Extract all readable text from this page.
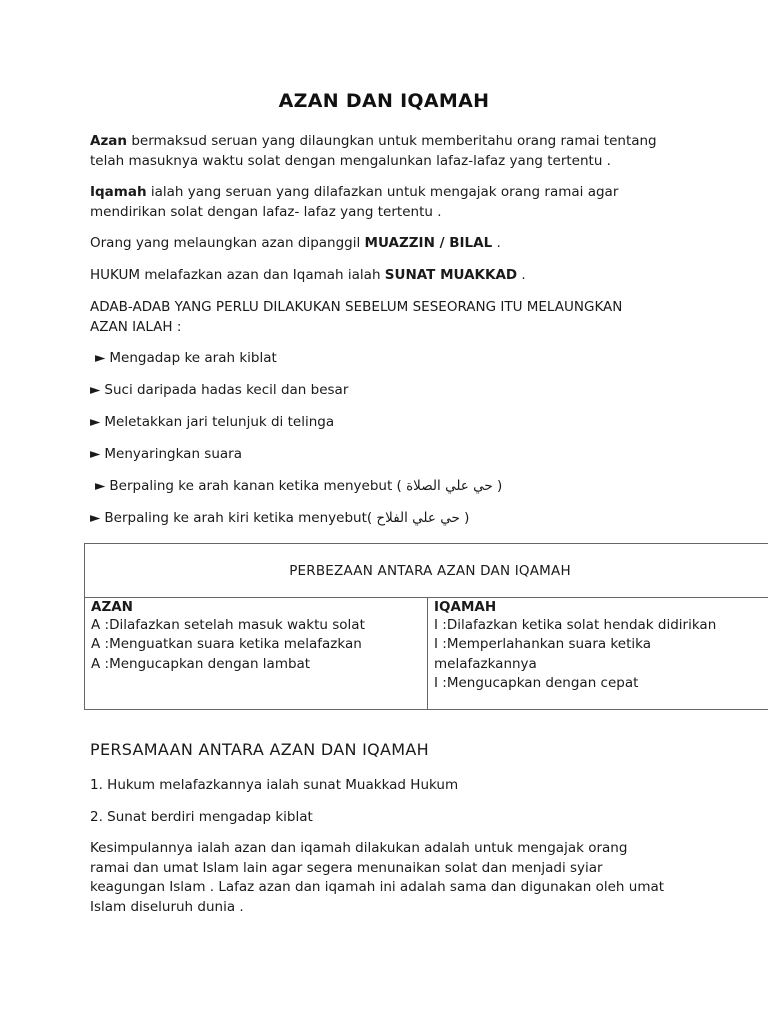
AZAN DAN IQAMAH

Azan bermaksud seruan yang dilaungkan untuk memberitahu orang ramai tentang
telah masuknya waktu solat dengan mengalunkan lafaz-lafaz yang tertentu .

Iqamah ialah yang seruan yang dilafazkan untuk mengajak orang ramai agar
mendirikan solat dengan lafaz- lafaz yang tertentu .

Orang yang melaungkan azan dipanggil MUAZZIN / BILAL .

HUKUM melafazkan azan dan Iqamah ialah SUNAT MUAKKAD .

ADAB-ADAB YANG PERLU DILAKUKAN SEBELUM SESEORANG ITU MELAUNGKAN
AZAN IALAH :

► Mengadap ke arah kiblat

► Suci daripada hadas kecil dan besar

► Meletakkan jari telunjuk di telinga

► Menyaringkan suara

► Berpaling ke arah kanan ketika menyebut ( حي علي الصلاة )

► Berpaling ke arah kiri ketika menyebut( حي علي الفلاح )

PERBEZAAN ANTARA AZAN DAN IQAMAH

AZAN

A :Dilafazkan setelah masuk waktu solat

A :Menguatkan suara ketika melafazkan

A :Mengucapkan dengan lambat

IQAMAH

I :Dilafazkan ketika solat hendak didirikan

I :Memperlahankan suara ketika

melafazkannya

I :Mengucapkan dengan cepat

PERSAMAAN ANTARA AZAN DAN IQAMAH

1. Hukum melafazkannya ialah sunat Muakkad Hukum

2. Sunat berdiri mengadap kiblat

Kesimpulannya ialah azan dan iqamah dilakukan adalah untuk mengajak orang
ramai dan umat Islam lain agar segera menunaikan solat dan menjadi syiar
keagungan Islam . Lafaz azan dan iqamah ini adalah sama dan digunakan oleh umat
Islam diseluruh dunia .
